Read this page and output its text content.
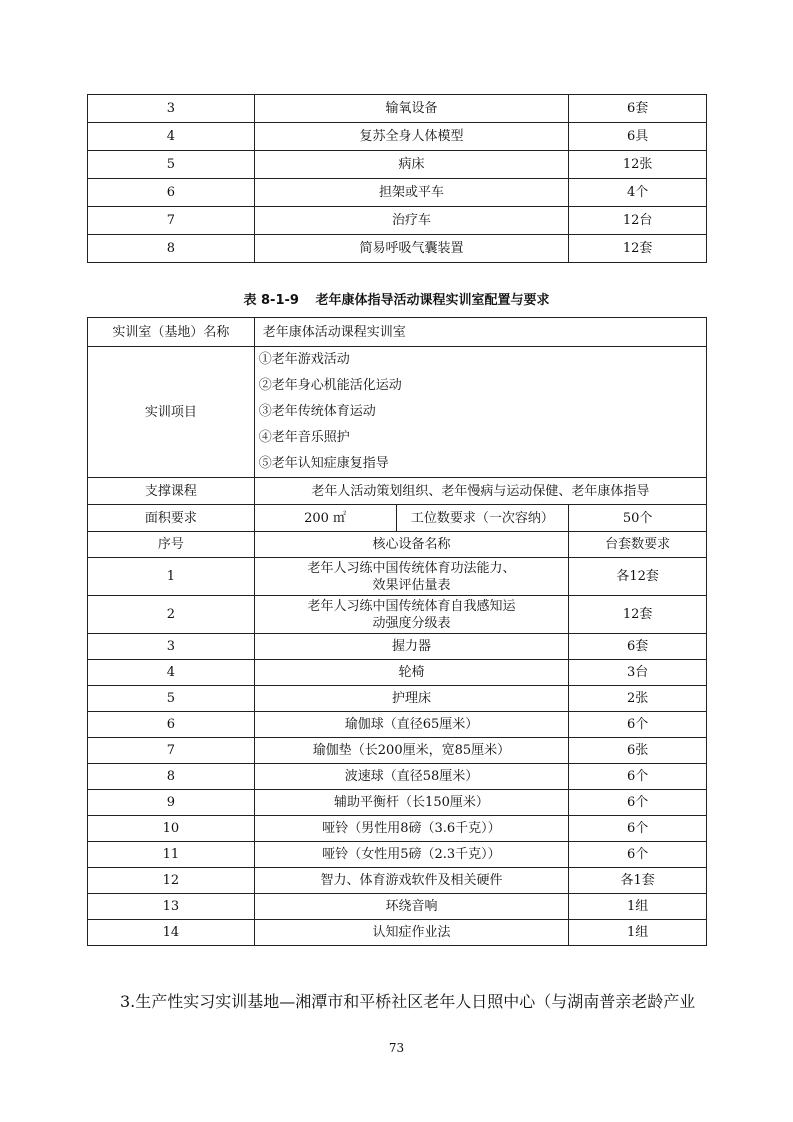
3	输氧设备	6套
4	复苏全身人体模型	6具
5	病床	12张
6	担架或平车	4个
7	治疗车	12台
8	简易呼吸气囊装置	12套
表 8-1-9 老年康体指导活动课程实训室配置与要求
实训室（基地）名称	老年康体活动课程实训室		
实训项目	①老年游戏活动
②老年身心机能活化运动
③老年传统体育运动
④老年音乐照护
⑤老年认知症康复指导		

支撑课程	老年人活动策划组织、老年慢病与运动保健、老年康体指导		
面积要求	200 ㎡	工位数要求（一次容纳）	50个
序号	核心设备名称		台套数要求
1	老年人习练中国传统体育功法能力、效果评估量表		各12套
2	老年人习练中国传统体育自我感知运动强度分级表		12套
3	握力器		6套
4	轮椅		3台
5	护理床		2张
6	瑜伽球（直径65厘米）		6个
7	瑜伽垫（长200厘米，宽85厘米）		6张
8	波速球（直径58厘米）		6个
9	辅助平衡杆（长150厘米）		6个
10	哑铃（男性用8磅（3.6千克））		6个
11	哑铃（女性用5磅（2.3千克））		6个
12	智力、体育游戏软件及相关硬件		各1套
13	环绕音响		1组
14	认知症作业法		1组
3.生产性实习实训基地—湘潭市和平桥社区老年人日照中心（与湖南普亲老龄产业
73
